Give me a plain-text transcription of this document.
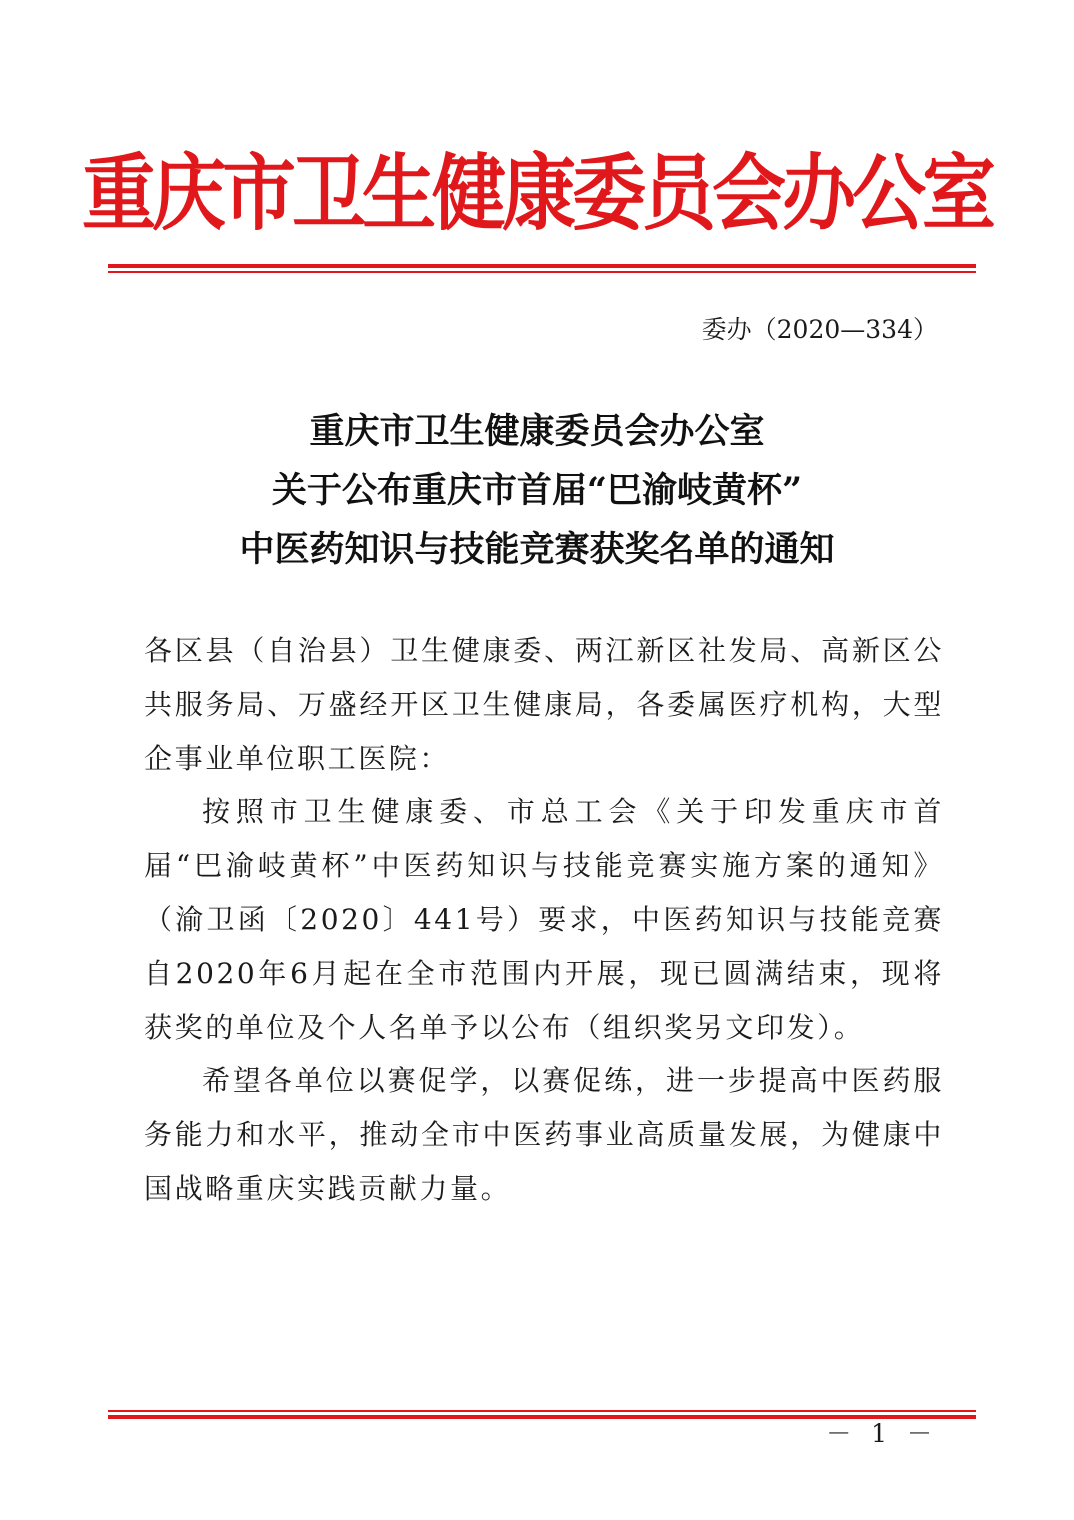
重庆市卫生健康委员会办公室
委办（2020—334）
重庆市卫生健康委员会办公室
关于公布重庆市首届“巴渝岐黄杯”
中医药知识与技能竞赛获奖名单的通知

各区县（自治县）卫生健康委、两江新区社发局、高新区公共服务局、万盛经开区卫生健康局，各委属医疗机构，大型企事业单位职工医院：

按照市卫生健康委、市总工会《关于印发重庆市首届“巴渝岐黄杯”中医药知识与技能竞赛实施方案的通知》（渝卫函〔2020〕441号）要求，中医药知识与技能竞赛自2020年6月起在全市范围内开展，现已圆满结束，现将获奖的单位及个人名单予以公布（组织奖另文印发）。

希望各单位以赛促学，以赛促练，进一步提高中医药服务能力和水平，推动全市中医药事业高质量发展，为健康中国战略重庆实践贡献力量。

－ 1 －
